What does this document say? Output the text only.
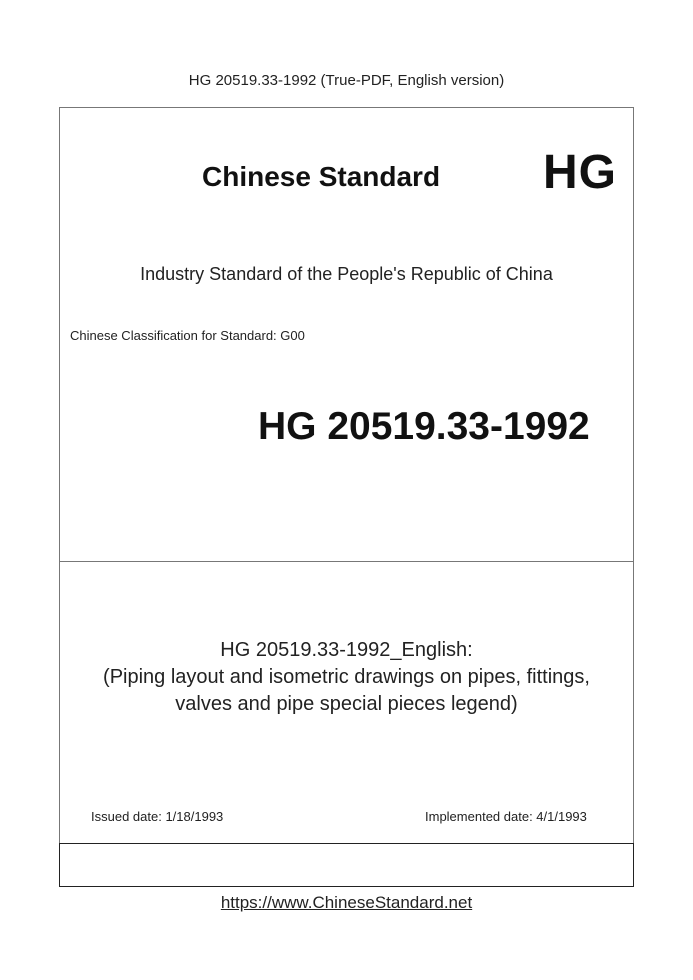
HG 20519.33-1992 (True-PDF, English version)
Chinese Standard HG
Industry Standard of the People's Republic of China
Chinese Classification for Standard: G00
HG 20519.33-1992
HG 20519.33-1992_English:
(Piping layout and isometric drawings on pipes, fittings,
valves and pipe special pieces legend)
Issued date: 1/18/1993	Implemented date: 4/1/1993
https://www.ChineseStandard.net
